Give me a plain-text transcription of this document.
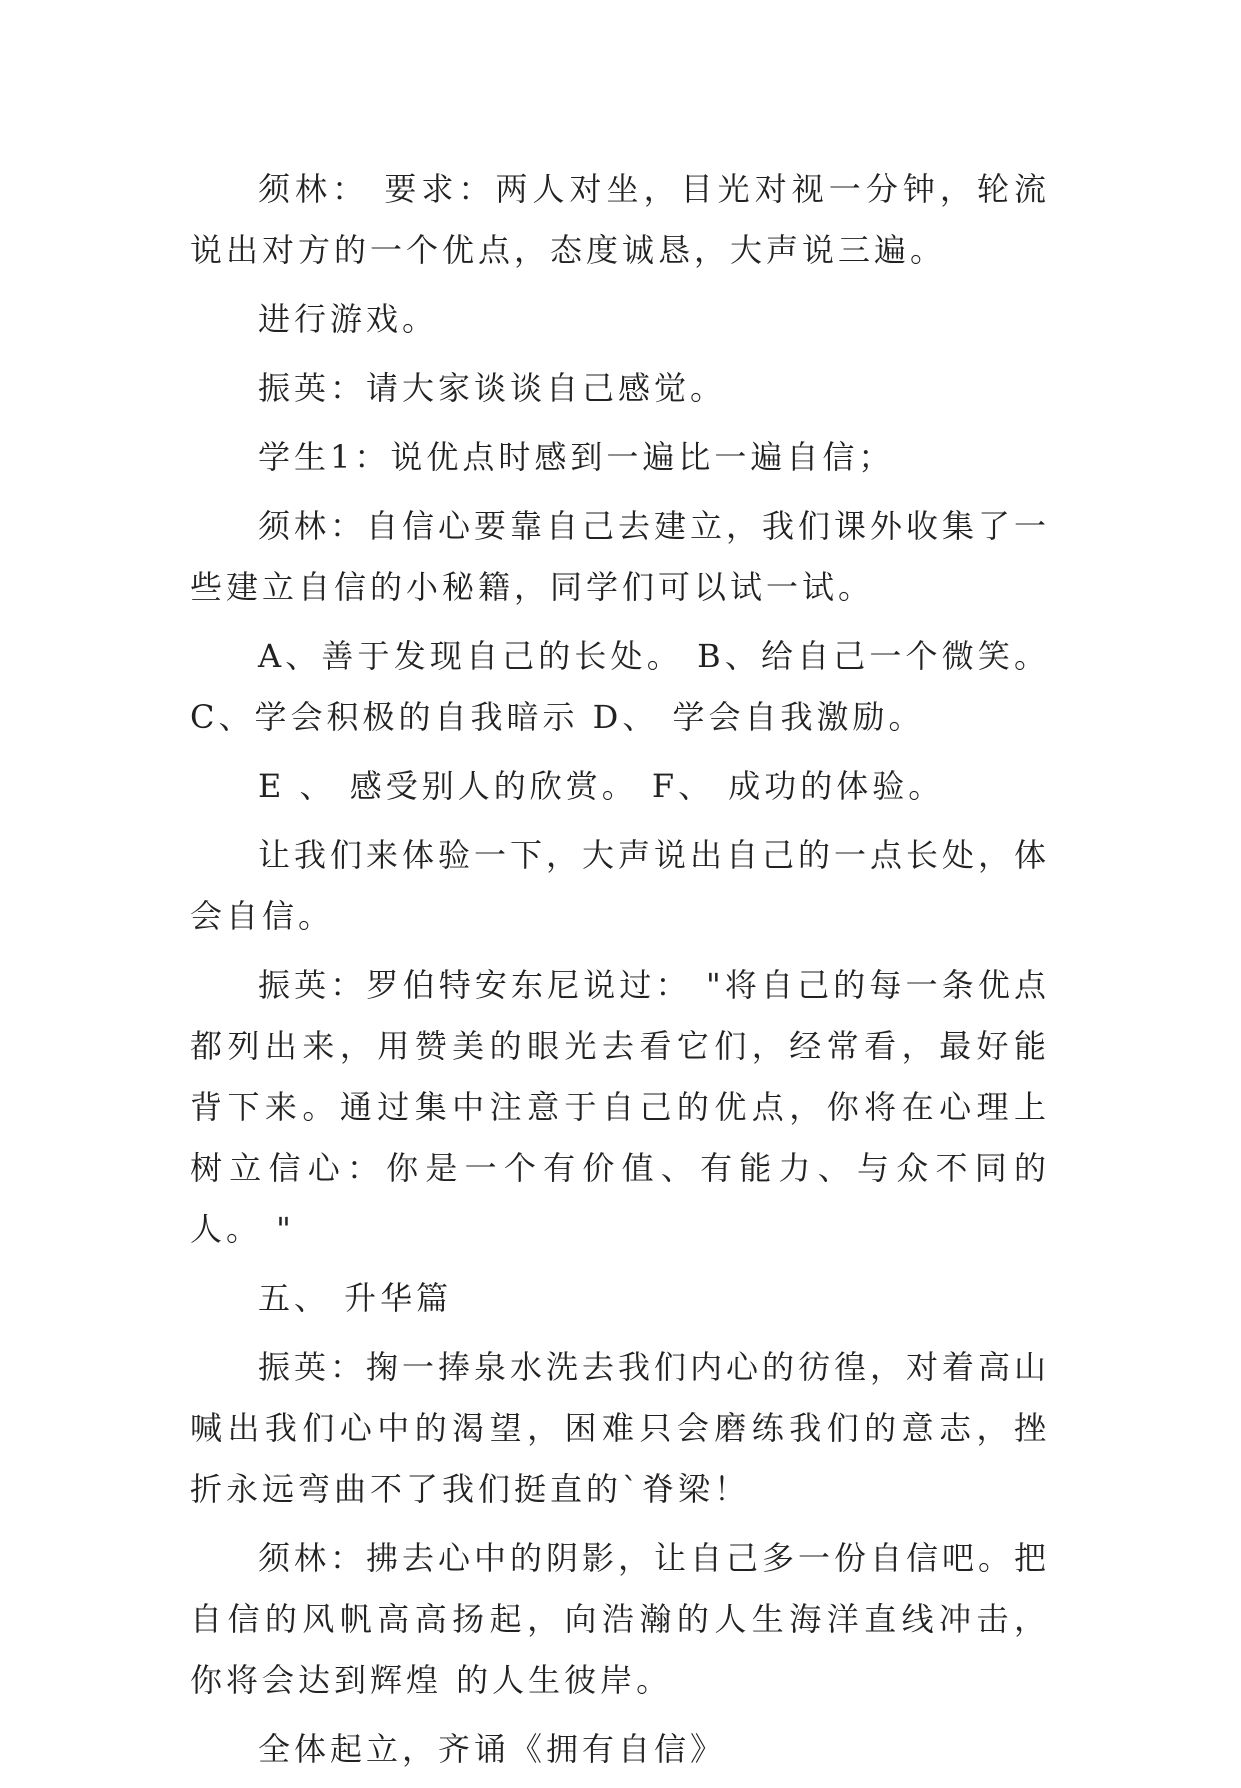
须林： 要求：两人对坐，目光对视一分钟，轮流说出对方的一个优点，态度诚恳，大声说三遍。

进行游戏。

振英：请大家谈谈自己感觉。

学生1：说优点时感到一遍比一遍自信；

须林：自信心要靠自己去建立，我们课外收集了一些建立自信的小秘籍，同学们可以试一试。

A、善于发现自己的长处。 B、给自己一个微笑。 C、学会积极的自我暗示 D、 学会自我激励。

E 、 感受别人的欣赏。 F、 成功的体验。

让我们来体验一下，大声说出自己的一点长处，体会自信。

振英：罗伯特安东尼说过： "将自己的每一条优点都列出来，用赞美的眼光去看它们，经常看，最好能背下来。通过集中注意于自己的优点，你将在心理上树立信心：你是一个有价值、有能力、与众不同的人。 "

五、 升华篇

振英：掬一捧泉水洗去我们内心的彷徨，对着高山喊出我们心中的渴望，困难只会磨练我们的意志，挫折永远弯曲不了我们挺直的`脊梁！

须林：拂去心中的阴影，让自己多一份自信吧。把自信的风帆高高扬起，向浩瀚的人生海洋直线冲击，你将会达到辉煌 的人生彼岸。

全体起立，齐诵《拥有自信》
